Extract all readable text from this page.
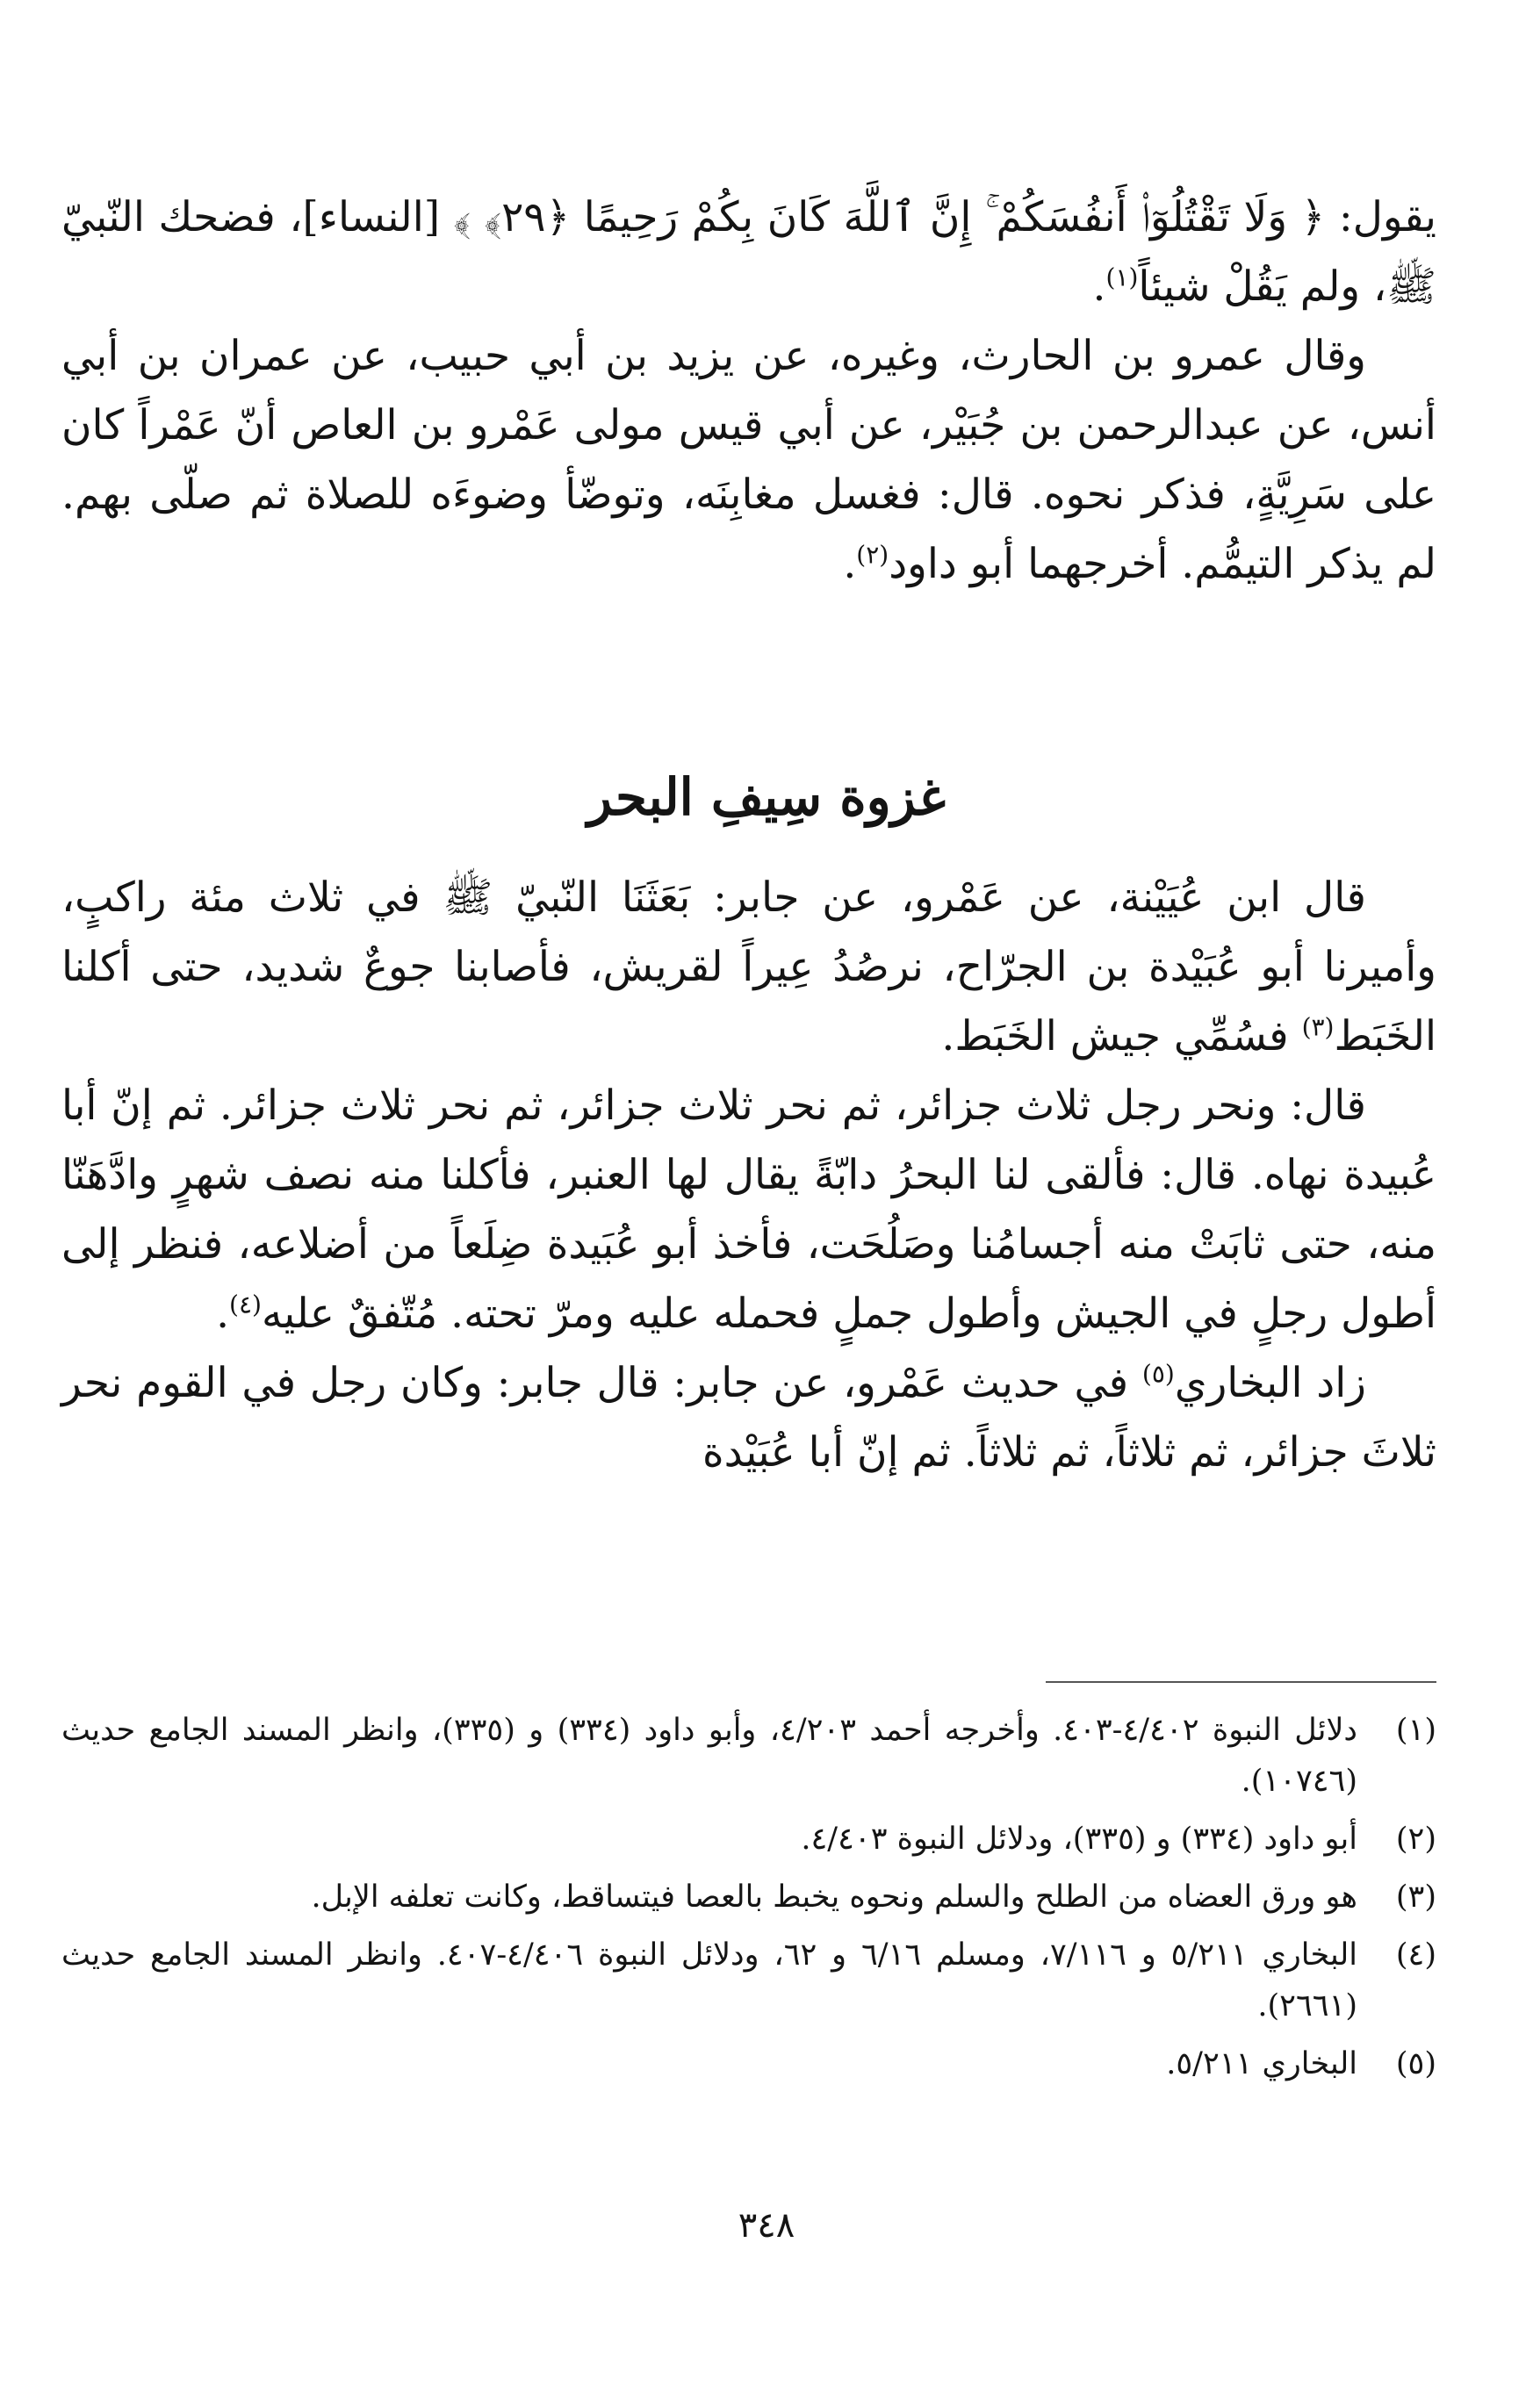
يقول: ﴿ وَلَا تَقْتُلُوٓا۟ أَنفُسَكُمْ ۚ إِنَّ ٱللَّهَ كَانَ بِكُمْ رَحِيمًا ﴿٢٩﴾ ﴾ [النساء]، فضحك النّبيّ ﷺ، ولم يَقُلْ شيئاً$^{(١)}$.

وقال عمرو بن الحارث، وغيره، عن يزيد بن أبي حبيب، عن عمران بن أبي أنس، عن عبدالرحمن بن جُبَيْر، عن أبي قيس مولى عَمْرو بن العاص أنّ عَمْراً كان على سَرِيَّةٍ، فذكر نحوه. قال: فغسل مغابِنَه، وتوضّأ وضوءَه للصلاة ثم صلّى بهم. لم يذكر التيمُّم. أخرجهما أبو داود$^{(٢)}$.

غزوة سِيفِ البحر

قال ابن عُيَيْنة، عن عَمْرو، عن جابر: بَعَثَنَا النّبيّ ﷺ في ثلاث مئة راكبٍ، وأميرنا أبو عُبَيْدة بن الجرّاح، نرصُدُ عِيراً لقريش، فأصابنا جوعٌ شديد، حتى أكلنا الخَبَط$^{(٣)}$ فسُمِّي جيش الخَبَط.

قال: ونحر رجل ثلاث جزائر، ثم نحر ثلاث جزائر، ثم نحر ثلاث جزائر. ثم إنّ أبا عُبيدة نهاه. قال: فألقى لنا البحرُ دابّةً يقال لها العنبر، فأكلنا منه نصف شهرٍ وادَّهَنّا منه، حتى ثابَتْ منه أجسامُنا وصَلُحَت، فأخذ أبو عُبَيدة ضِلَعاً من أضلاعه، فنظر إلى أطول رجلٍ في الجيش وأطول جملٍ فحمله عليه ومرّ تحته. مُتّفقٌ عليه$^{(٤)}$.

زاد البخاري$^{(٥)}$ في حديث عَمْرو، عن جابر: قال جابر: وكان رجل في القوم نحر ثلاثَ جزائر، ثم ثلاثاً، ثم ثلاثاً. ثم إنّ أبا عُبَيْدة

(١)
دلائل النبوة ٤/٤٠٢-٤٠٣. وأخرجه أحمد ٤/٢٠٣، وأبو داود (٣٣٤) و (٣٣٥)، وانظر المسند الجامع حديث (١٠٧٤٦).
(٢)
أبو داود (٣٣٤) و (٣٣٥)، ودلائل النبوة ٤/٤٠٣.
(٣)
هو ورق العضاه من الطلح والسلم ونحوه يخبط بالعصا فيتساقط، وكانت تعلفه الإبل.
(٤)
البخاري ٥/٢١١ و ٧/١١٦، ومسلم ٦/١٦ و ٦٢، ودلائل النبوة ٤/٤٠٦-٤٠٧. وانظر المسند الجامع حديث (٢٦٦١).
(٥)
البخاري ٥/٢١١.
٣٤٨
